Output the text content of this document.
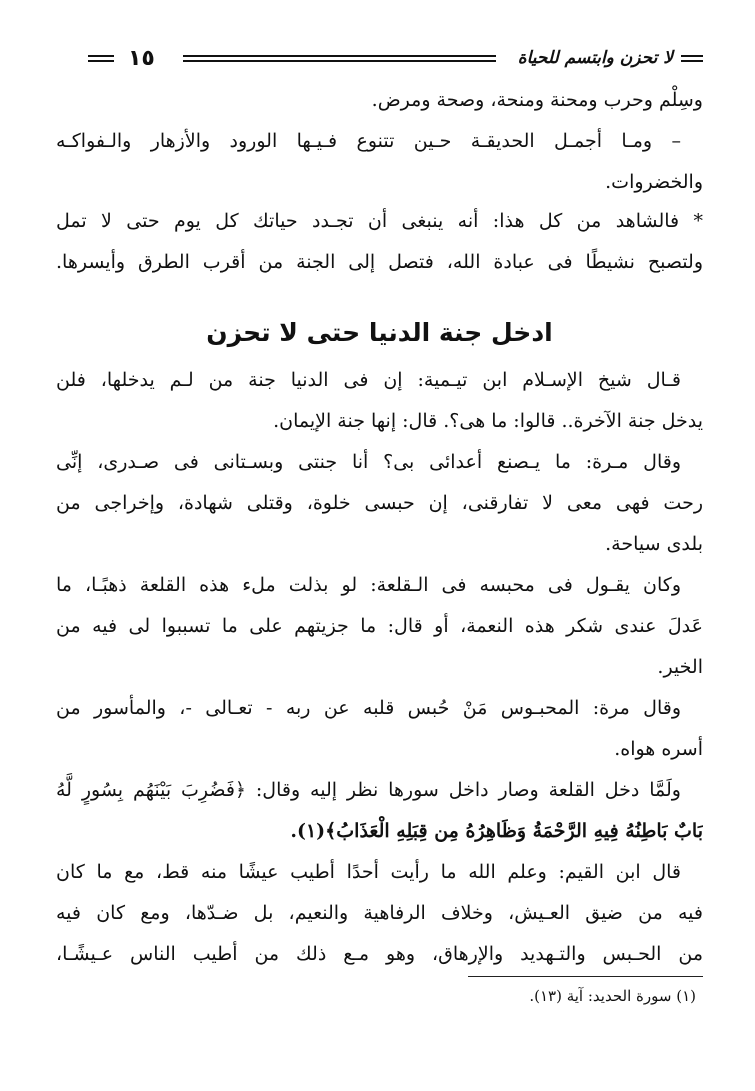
لا تحزن وابتسم للحياة
١٥
وسِلْم وحرب ومحنة ومنحة، وصحة ومرض.
– ومـا أجمـل الحديقـة حـين تتنوع فـيـها الورود والأزهار والـفواكـه
والخضروات.
* فالشاهد من كل هذا: أنه ينبغى أن تجـدد حياتك كل يوم حتى لا تمل
ولتصبح نشيطًا فى عبادة الله، فتصل إلى الجنة من أقرب الطرق وأيسرها.
ادخل جنة الدنيا حتى لا تحزن
قـال شيخ الإسـلام ابن تيـمية: إن فى الدنيا جنة من لـم يدخلها، فلن
يدخل جنة الآخرة.. قالوا: ما هى؟. قال: إنها جنة الإيمان.
وقال مـرة: ما يـصنع أعدائى بى؟ أنا جنتى وبسـتانى فى صـدرى، إنِّى
رحت فهى معى لا تفارقنى، إن حبسى خلوة، وقتلى شهادة، وإخراجى من
بلدى سياحة.
وكان يقـول فى محبسه فى الـقلعة: لو بذلت ملء هذه القلعة ذهبًـا، ما
عَدلَ عندى شكر هذه النعمة، أو قال: ما جزيتهم على ما تسببوا لى فيه من
الخير.
وقال مرة: المحبـوس مَنْ حُبس قلبه عن ربه - تعـالى -، والمأسور من
أسره هواه.
ولَمَّا دخل القلعة وصار داخل سورها نظر إليه وقال: ﴿فَضُرِبَ بَيْنَهُم بِسُورٍ لَّهُ
بَابٌ بَاطِنُهُ فِيهِ الرَّحْمَةُ وَظَاهِرُهُ مِن قِبَلِهِ الْعَذَابُ﴾(١).
قال ابن القيم: وعلم الله ما رأيت أحدًا أطيب عيشًا منه قط، مع ما كان
فيه من ضيق العـيش، وخلاف الرفاهية والنعيم، بل ضـدّها، ومع كان فيه
من الحـبس والتـهديد والإرهاق، وهو مـع ذلك من أطيب الناس عـيشًـا،
(١) سورة الحديد: آية (١٣).
